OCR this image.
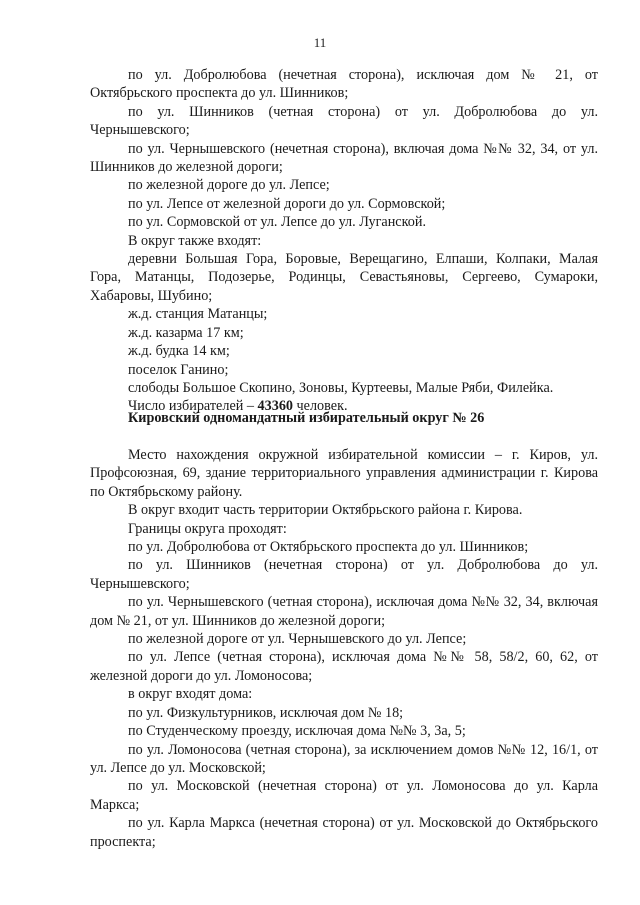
11

по ул. Добролюбова (нечетная сторона), исключая дом № 21, от Октябрьского проспекта до ул. Шинников;

по ул. Шинников (четная сторона) от ул. Добролюбова до ул. Чернышевского;

по ул. Чернышевского (нечетная сторона), включая дома №№ 32, 34, от ул. Шинников до железной дороги;

по железной дороге до ул. Лепсе;

по ул. Лепсе от железной дороги до ул. Сормовской;

по ул. Сормовской от ул. Лепсе до ул. Луганской.

В округ также входят:

деревни Большая Гора, Боровые, Верещагино, Елпаши, Колпаки, Малая Гора, Матанцы, Подозерье, Родинцы, Севастьяновы, Сергеево, Сумароки, Хабаровы, Шубино;

ж.д. станция Матанцы;

ж.д. казарма 17 км;

ж.д. будка 14 км;

поселок Ганино;

слободы Большое Скопино, Зоновы, Куртеевы, Малые Ряби, Филейка.

Число избирателей – 43360 человек.

Кировский одномандатный избирательный округ № 26

Место нахождения окружной избирательной комиссии – г. Киров, ул. Профсоюзная, 69, здание территориального управления администрации г. Кирова по Октябрьскому району.

В округ входит часть территории Октябрьского района г. Кирова.

Границы округа проходят:

по ул. Добролюбова от Октябрьского проспекта до ул. Шинников;

по ул. Шинников (нечетная сторона) от ул. Добролюбова до ул. Чернышевского;

по ул. Чернышевского (четная сторона), исключая дома №№ 32, 34, включая дом № 21, от ул. Шинников до железной дороги;

по железной дороге от ул. Чернышевского до ул. Лепсе;

по ул. Лепсе (четная сторона), исключая дома №№ 58, 58/2, 60, 62, от железной дороги до ул. Ломоносова;

в округ входят дома:

по ул. Физкультурников, исключая дом № 18;

по Студенческому проезду, исключая дома №№ 3, 3а, 5;

по ул. Ломоносова (четная сторона), за исключением домов №№ 12, 16/1, от ул. Лепсе до ул. Московской;

по ул. Московской (нечетная сторона) от ул. Ломоносова до ул. Карла Маркса;

по ул. Карла Маркса (нечетная сторона) от ул. Московской до Октябрьского проспекта;
